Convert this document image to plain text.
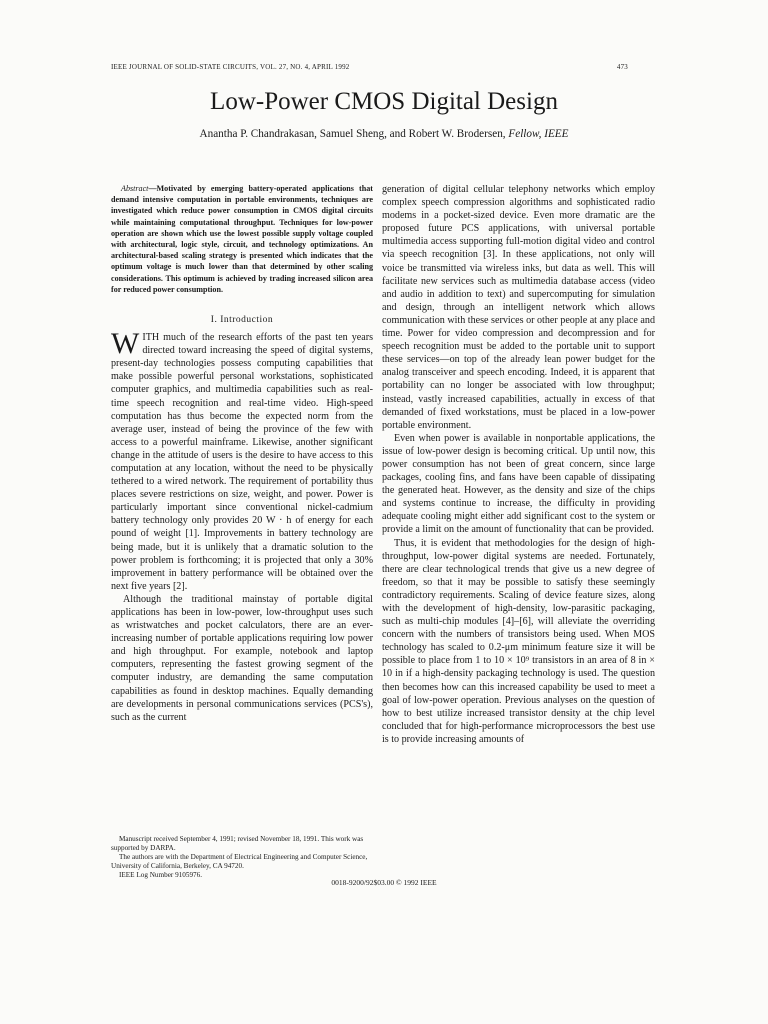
IEEE JOURNAL OF SOLID-STATE CIRCUITS, VOL. 27, NO. 4, APRIL 1992	473
Low-Power CMOS Digital Design
Anantha P. Chandrakasan, Samuel Sheng, and Robert W. Brodersen, Fellow, IEEE

Abstract—Motivated by emerging battery-operated applications that demand intensive computation in portable environments, techniques are investigated which reduce power consumption in CMOS digital circuits while maintaining computational throughput. Techniques for low-power operation are shown which use the lowest possible supply voltage coupled with architectural, logic style, circuit, and technology optimizations. An architectural-based scaling strategy is presented which indicates that the optimum voltage is much lower than that determined by other scaling considerations. This optimum is achieved by trading increased silicon area for reduced power consumption.

I. Introduction

WITH much of the research efforts of the past ten years directed toward increasing the speed of digital systems, present-day technologies possess computing capabilities that make possible powerful personal workstations, sophisticated computer graphics, and multimedia capabilities such as real-time speech recognition and real-time video. High-speed computation has thus become the expected norm from the average user, instead of being the province of the few with access to a powerful mainframe. Likewise, another significant change in the attitude of users is the desire to have access to this computation at any location, without the need to be physically tethered to a wired network. The requirement of portability thus places severe restrictions on size, weight, and power. Power is particularly important since conventional nickel-cadmium battery technology only provides 20 W · h of energy for each pound of weight [1]. Improvements in battery technology are being made, but it is unlikely that a dramatic solution to the power problem is forthcoming; it is projected that only a 30% improvement in battery performance will be obtained over the next five years [2].

Although the traditional mainstay of portable digital applications has been in low-power, low-throughput uses such as wristwatches and pocket calculators, there are an ever-increasing number of portable applications requiring low power and high throughput. For example, notebook and laptop computers, representing the fastest growing segment of the computer industry, are demanding the same computation capabilities as found in desktop machines. Equally demanding are developments in personal communications services (PCS's), such as the current

generation of digital cellular telephony networks which employ complex speech compression algorithms and sophisticated radio modems in a pocket-sized device. Even more dramatic are the proposed future PCS applications, with universal portable multimedia access supporting full-motion digital video and control via speech recognition [3]. In these applications, not only will voice be transmitted via wireless inks, but data as well. This will facilitate new services such as multimedia database access (video and audio in addition to text) and supercomputing for simulation and design, through an intelligent network which allows communication with these services or other people at any place and time. Power for video compression and decompression and for speech recognition must be added to the portable unit to support these services—on top of the already lean power budget for the analog transceiver and speech encoding. Indeed, it is apparent that portability can no longer be associated with low throughput; instead, vastly increased capabilities, actually in excess of that demanded of fixed workstations, must be placed in a low-power portable environment.

Even when power is available in nonportable applications, the issue of low-power design is becoming critical. Up until now, this power consumption has not been of great concern, since large packages, cooling fins, and fans have been capable of dissipating the generated heat. However, as the density and size of the chips and systems continue to increase, the difficulty in providing adequate cooling might either add significant cost to the system or provide a limit on the amount of functionality that can be provided.

Thus, it is evident that methodologies for the design of high-throughput, low-power digital systems are needed. Fortunately, there are clear technological trends that give us a new degree of freedom, so that it may be possible to satisfy these seemingly contradictory requirements. Scaling of device feature sizes, along with the development of high-density, low-parasitic packaging, such as multi-chip modules [4]–[6], will alleviate the overriding concern with the numbers of transistors being used. When MOS technology has scaled to 0.2-μm minimum feature size it will be possible to place from 1 to 10 × 10⁹ transistors in an area of 8 in × 10 in if a high-density packaging technology is used. The question then becomes how can this increased capability be used to meet a goal of low-power operation. Previous analyses on the question of how to best utilize increased transistor density at the chip level concluded that for high-performance microprocessors the best use is to provide increasing amounts of

Manuscript received September 4, 1991; revised November 18, 1991. This work was supported by DARPA.

The authors are with the Department of Electrical Engineering and Computer Science, University of California, Berkeley, CA 94720.

IEEE Log Number 9105976.

0018-9200/92$03.00 © 1992 IEEE
